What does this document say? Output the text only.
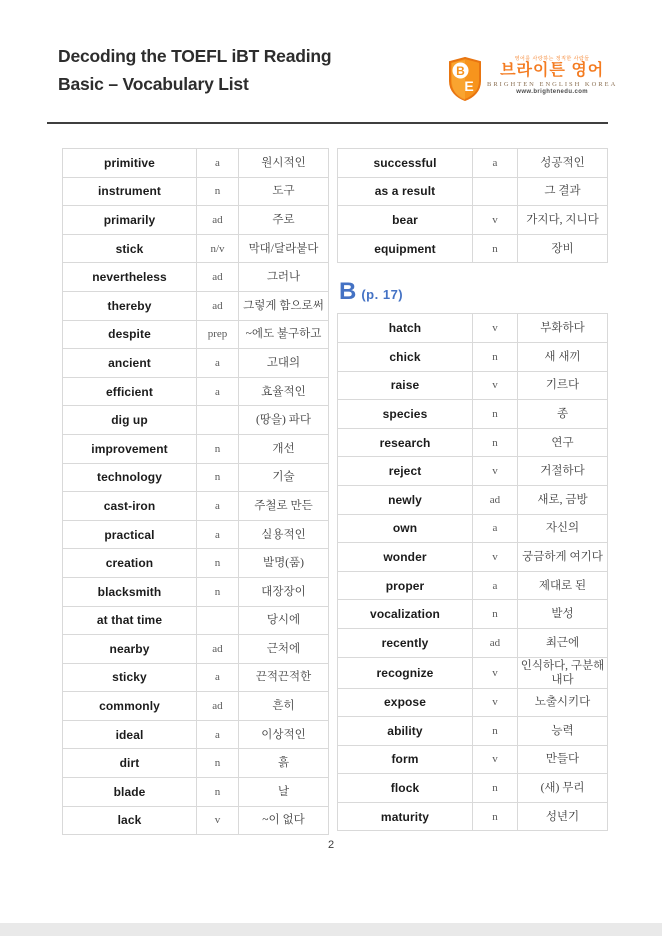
Decoding the TOEFL iBT Reading
Basic – Vocabulary List
B
E
영어를 사랑하는 정직한 사람들
브라이튼 영어
BRIGHTEN ENGLISH KOREA
www.brightenedu.com
primitive	a	원시적인
instrument	n	도구
primarily	ad	주로
stick	n/v	막대/달라붙다
nevertheless	ad	그러나
thereby	ad	그렇게 함으로써
despite	prep	~에도 불구하고
ancient	a	고대의
efficient	a	효율적인
dig up		(땅을) 파다
improvement	n	개선
technology	n	기술
cast-iron	a	주철로 만든
practical	a	실용적인
creation	n	발명(품)
blacksmith	n	대장장이
at that time		당시에
nearby	ad	근처에
sticky	a	끈적끈적한
commonly	ad	흔히
ideal	a	이상적인
dirt	n	흙
blade	n	날
lack	v	~이 없다
successful	a	성공적인
as a result		그 결과
bear	v	가지다, 지니다
equipment	n	장비
B (p. 17)
hatch	v	부화하다
chick	n	새 새끼
raise	v	기르다
species	n	종
research	n	연구
reject	v	거절하다
newly	ad	새로, 금방
own	a	자신의
wonder	v	궁금하게 여기다
proper	a	제대로 된
vocalization	n	발성
recently	ad	최근에
recognize	v	인식하다, 구분해 내다
expose	v	노출시키다
ability	n	능력
form	v	만들다
flock	n	(새) 무리
maturity	n	성년기
2
